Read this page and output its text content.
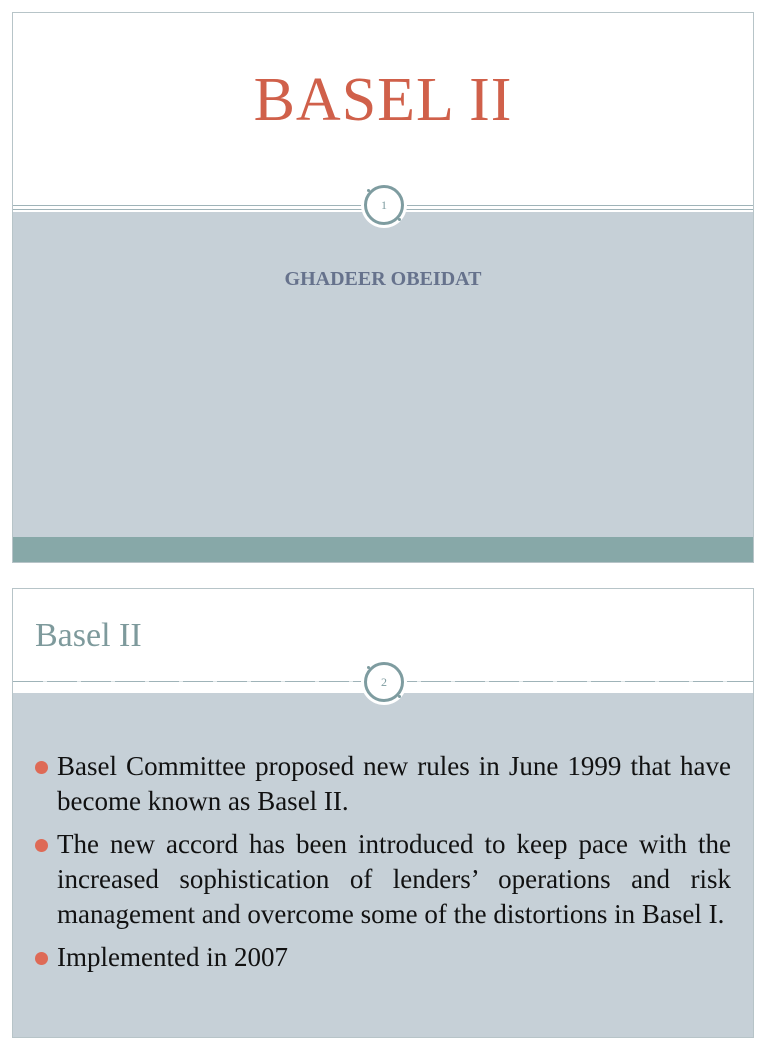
BASEL II
GHADEER OBEIDAT
1
Basel II
Basel Committee proposed new rules in June 1999 that have become known as Basel II.
The new accord has been introduced to keep pace with the increased sophistication of lenders’ operations and risk management and overcome some of the distortions in Basel I.
Implemented in 2007
2
